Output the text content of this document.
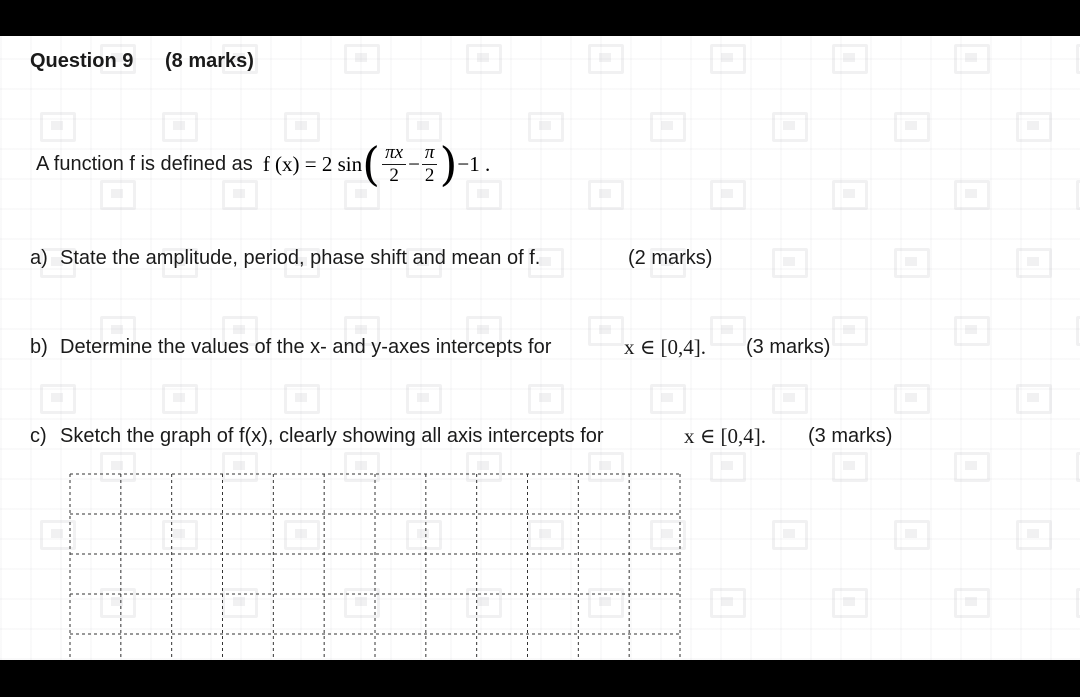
Question 9 (8 marks)
A function f is defined as f (x) = 2 sin ( $\frac{\pi x}{2} - \frac{\pi}{2}$ ) −1 .
a) State the amplitude, period, phase shift and mean of f.	(2 marks)
b) Determine the values of the x- and y-axes intercepts for	x ∈ [0,4]. (3 marks)
c) Sketch the graph of f(x), clearly showing all axis intercepts for	x ∈ [0,4]. (3 marks)
